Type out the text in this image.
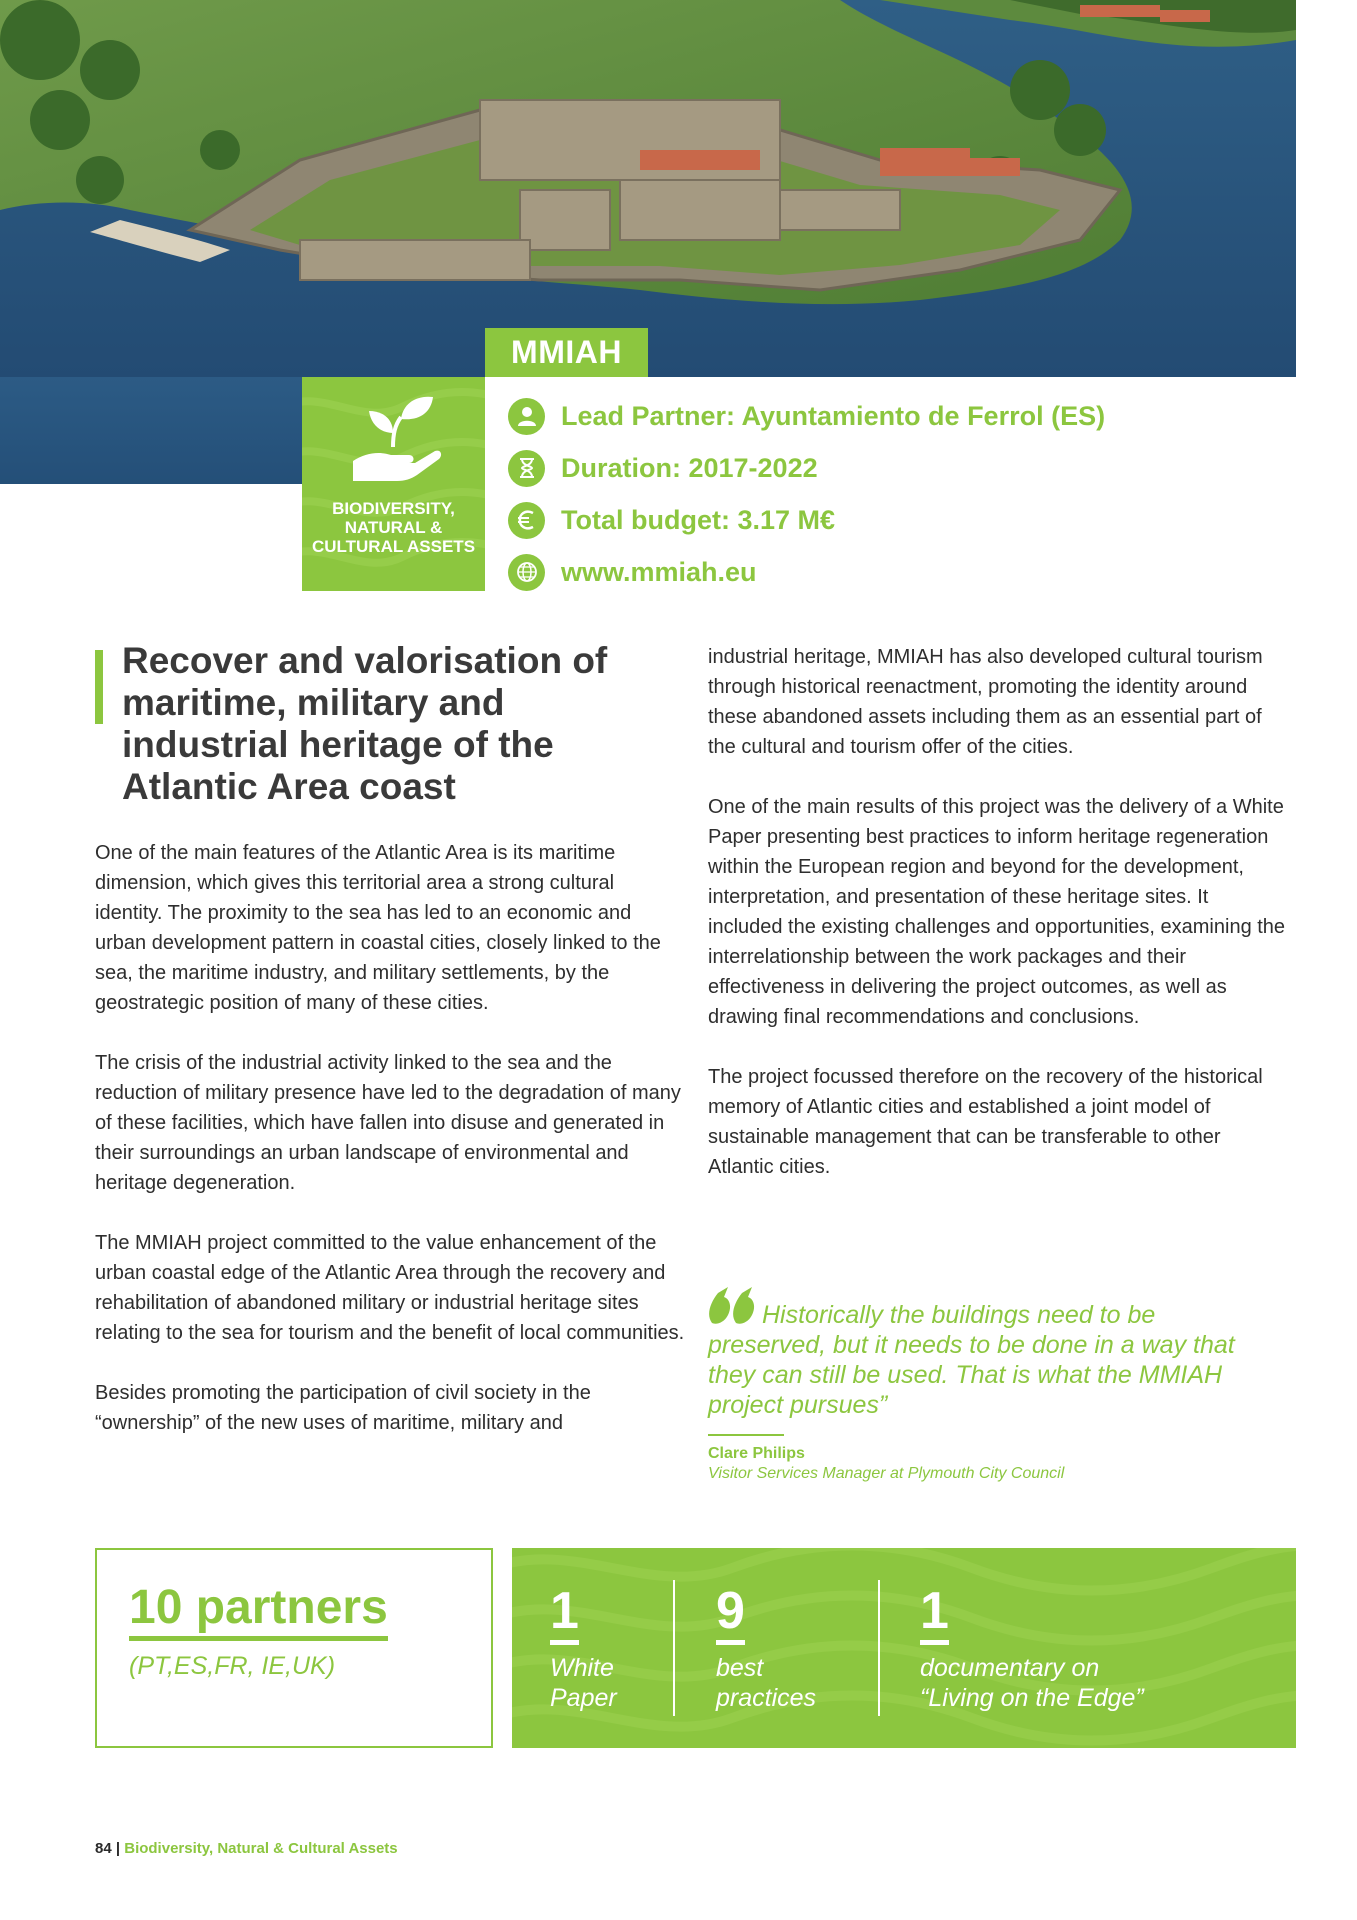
MMIAH
BIODIVERSITY, NATURAL & CULTURAL ASSETS
Lead Partner: Ayuntamiento de Ferrol (ES)
Duration: 2017-2022
Total budget: 3.17 M€
www.mmiah.eu
Recover and valorisation of maritime, military and industrial heritage of the Atlantic Area coast

One of the main features of the Atlantic Area is its maritime dimension, which gives this territorial area a strong cultural identity. The proximity to the sea has led to an economic and urban development pattern in coastal cities, closely linked to the sea, the maritime industry, and military settlements, by the geostrategic position of many of these cities.

The crisis of the industrial activity linked to the sea and the reduction of military presence have led to the degradation of many of these facilities, which have fallen into disuse and generated in their surroundings an urban landscape of environmental and heritage degeneration.

The MMIAH project committed to the value enhancement of the urban coastal edge of the Atlantic Area through the recovery and rehabilitation of abandoned military or industrial heritage sites relating to the sea for tourism and the benefit of local communities.

Besides promoting the participation of civil society in the “ownership” of the new uses of maritime, military and

industrial heritage, MMIAH has also developed cultural tourism through historical reenactment, promoting the identity around these abandoned assets including them as an essential part of the cultural and tourism offer of the cities.

One of the main results of this project was the delivery of a White Paper presenting best practices to inform heritage regeneration within the European region and beyond for the development, interpretation, and presentation of these heritage sites. It included the existing challenges and opportunities, examining the interrelationship between the work packages and their effectiveness in delivering the project outcomes, as well as drawing final recommendations and conclusions.

The project focussed therefore on the recovery of the historical memory of Atlantic cities and established a joint model of sustainable management that can be transferable to other Atlantic cities.

Historically the buildings need to be preserved, but it needs to be done in a way that they can still be used. That is what the MMIAH project pursues”
Clare Philips
Visitor Services Manager at Plymouth City Council
10 partners
(PT,ES,FR, IE,UK)
1
White
Paper
9
best
practices
1
documentary on
“Living on the Edge”
84 | Biodiversity, Natural & Cultural Assets
